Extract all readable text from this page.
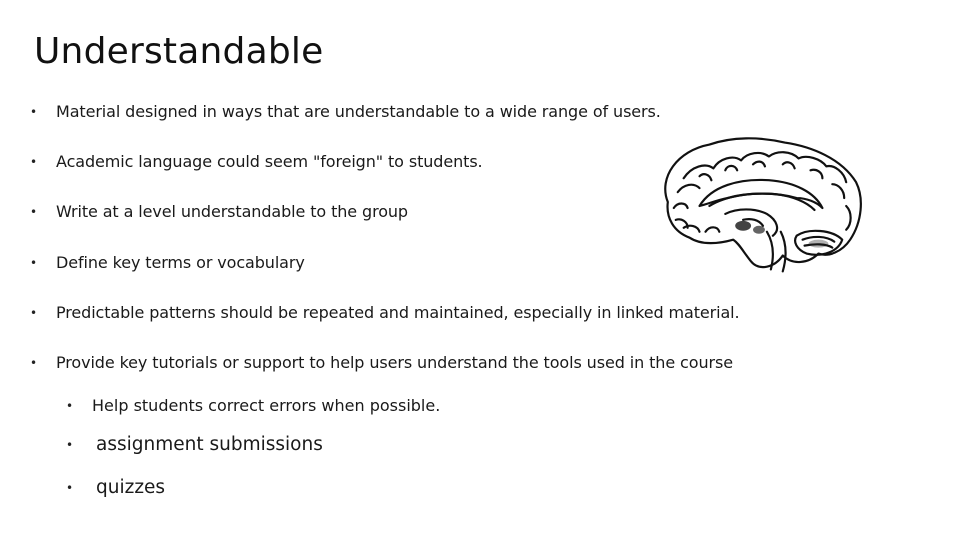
Understandable
•	Material designed in ways that are understandable to a wide range of users.
•	Academic language could seem "foreign" to students.
•	Write at a level understandable to the group
•	Define key terms or vocabulary
•	Predictable patterns should be repeated and maintained, especially in linked material.
•	Provide key tutorials or support to help users understand the tools used in the course
•	Help students correct errors when possible.
•	assignment submissions
•	quizzes
